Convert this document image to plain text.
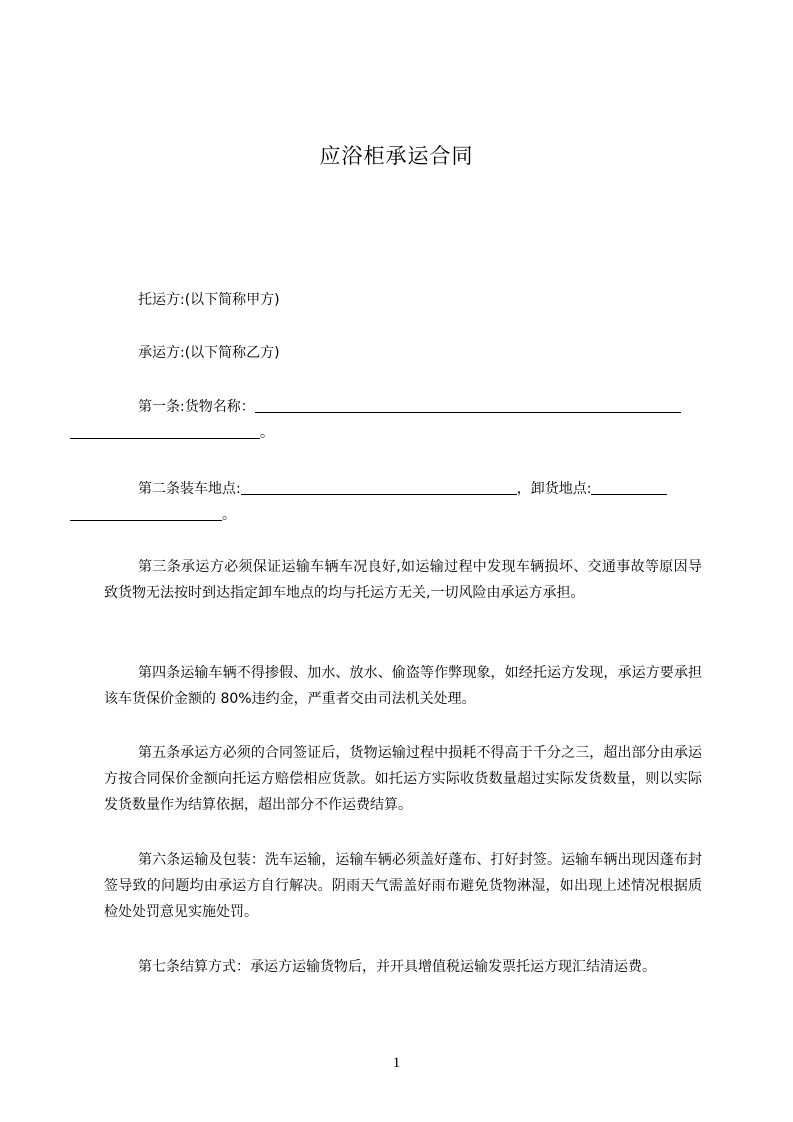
应浴柜承运合同
托运方:(以下简称甲方)
承运方:(以下简称乙方)
第一条:货物名称：
。
第二条装车地点:	，卸货地点:
。
第三条承运方必须保证运输车辆车况良好,如运输过程中发现车辆损坏、交通事故等原因导致货物无法按时到达指定卸车地点的均与托运方无关,一切风险由承运方承担。
第四条运输车辆不得掺假、加水、放水、偷盗等作弊现象，如经托运方发现，承运方要承担该车货保价金额的 80%违约金，严重者交由司法机关处理。
第五条承运方必须的合同签证后，货物运输过程中损耗不得高于千分之三，超出部分由承运方按合同保价金额向托运方赔偿相应货款。如托运方实际收货数量超过实际发货数量，则以实际发货数量作为结算依据，超出部分不作运费结算。
第六条运输及包装：洗车运输，运输车辆必须盖好蓬布、打好封签。运输车辆出现因蓬布封签导致的问题均由承运方自行解决。阴雨天气需盖好雨布避免货物淋湿，如出现上述情况根据质检处处罚意见实施处罚。
第七条结算方式：承运方运输货物后，并开具增值税运输发票托运方现汇结清运费。
1
